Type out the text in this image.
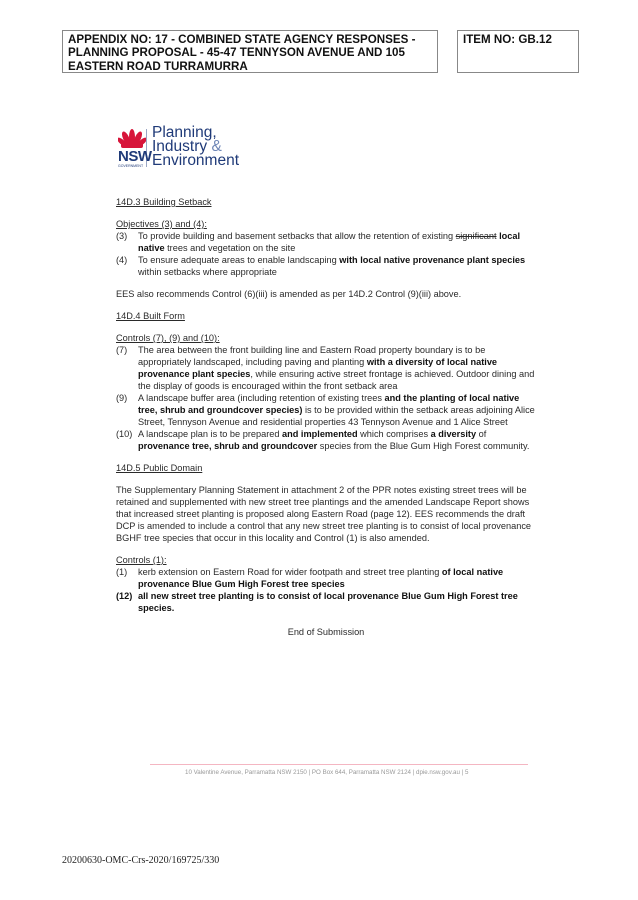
APPENDIX NO: 17 - COMBINED STATE AGENCY RESPONSES - PLANNING PROPOSAL - 45-47 TENNYSON AVENUE AND 105 EASTERN ROAD TURRAMURRA
ITEM NO: GB.12
NSW
GOVERNMENT
Planning,
Industry &
Environment
14D.3 Building Setback
Objectives (3) and (4):
(3)	To provide building and basement setbacks that allow the retention of existing significant local native trees and vegetation on the site
(4)	To ensure adequate areas to enable landscaping with local native provenance plant species within setbacks where appropriate
EES also recommends Control (6)(iii) is amended as per 14D.2 Control (9)(iii) above.
14D.4 Built Form
Controls (7), (9) and (10):
(7)	The area between the front building line and Eastern Road property boundary is to be appropriately landscaped, including paving and planting with a diversity of local native provenance plant species, while ensuring active street frontage is achieved. Outdoor dining and the display of goods is encouraged within the front setback area
(9)	A landscape buffer area (including retention of existing trees and the planting of local native tree, shrub and groundcover species) is to be provided within the setback areas adjoining Alice Street, Tennyson Avenue and residential properties 43 Tennyson Avenue and 1 Alice Street
(10) A landscape plan is to be prepared and implemented which comprises a diversity of provenance tree, shrub and groundcover species from the Blue Gum High Forest community.
14D.5 Public Domain
The Supplementary Planning Statement in attachment 2 of the PPR notes existing street trees will be retained and supplemented with new street tree plantings and the amended Landscape Report shows that increased street planting is proposed along Eastern Road (page 12). EES recommends the draft DCP is amended to include a control that any new street tree planting is to consist of local provenance BGHF tree species that occur in this locality and Control (1) is also amended.
Controls (1):
(1)	kerb extension on Eastern Road for wider footpath and street tree planting of local native provenance Blue Gum High Forest tree species
(12) all new street tree planting is to consist of local provenance Blue Gum High Forest tree species.
End of Submission
10 Valentine Avenue, Parramatta NSW 2150 | PO Box 644, Parramatta NSW 2124 | dpie.nsw.gov.au | 5
20200630-OMC-Crs-2020/169725/330
